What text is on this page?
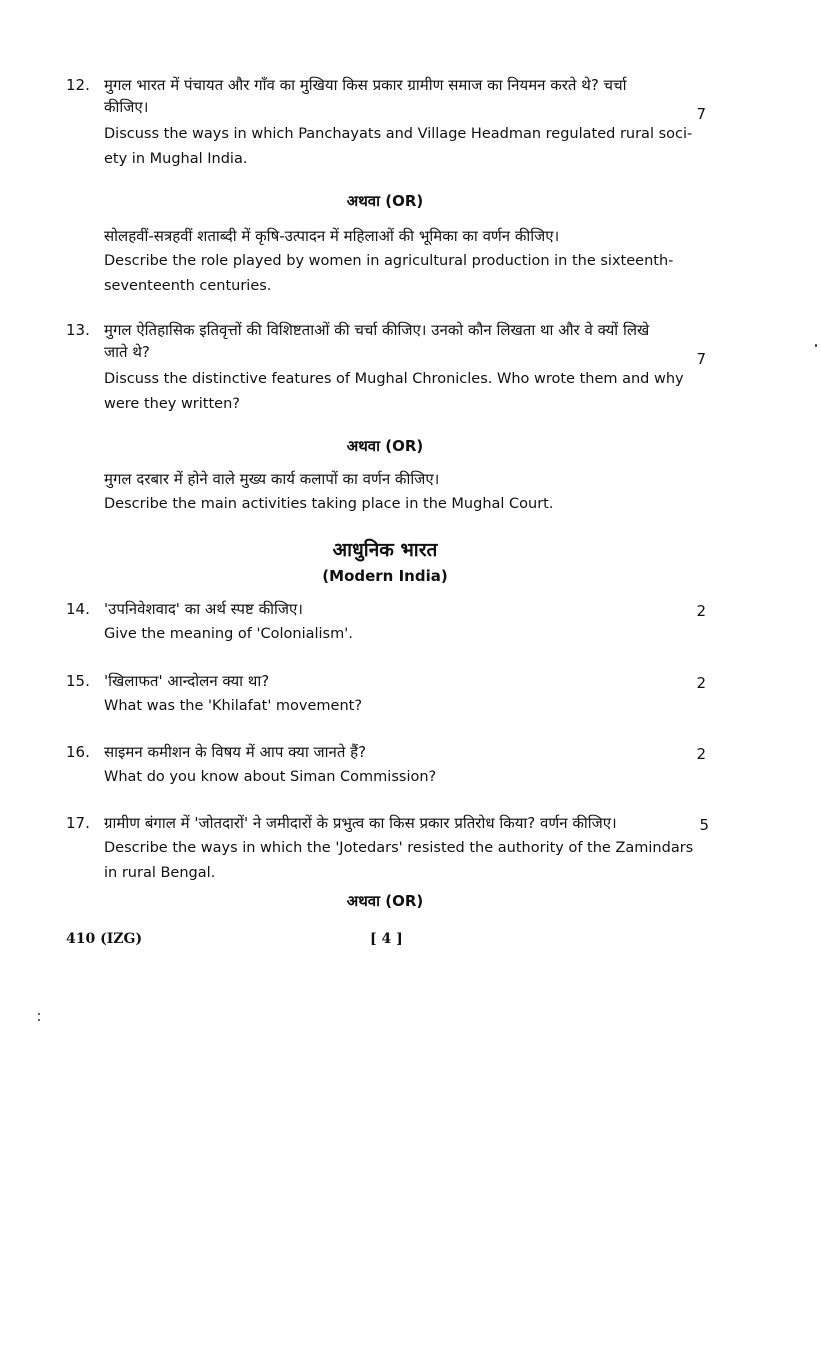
12. मुगल भारत में पंचायत और गाँव का मुखिया किस प्रकार ग्रामीण समाज का नियमन करते थे? चर्चा
कीजिए।
Discuss the ways in which Panchayats and Village Headman regulated rural soci- ety in Mughal India.
7
अथवा (OR)
सोलहवीं-सत्रहवीं शताब्दी में कृषि-उत्पादन में महिलाओं की भूमिका का वर्णन कीजिए।
Describe the role played by women in agricultural production in the sixteenth- seventeenth centuries.
13. मुगल ऐतिहासिक इतिवृत्तों की विशिष्टताओं की चर्चा कीजिए। उनको कौन लिखता था और वे क्यों लिखे
जाते थे?
Discuss the distinctive features of Mughal Chronicles. Who wrote them and why were they written?
7
अथवा (OR)
मुगल दरबार में होने वाले मुख्य कार्य कलापों का वर्णन कीजिए।
Describe the main activities taking place in the Mughal Court.
आधुनिक भारत
(Modern India)
14. 'उपनिवेशवाद' का अर्थ स्पष्ट कीजिए।
Give the meaning of 'Colonialism'.
2
15. 'खिलाफत' आन्दोलन क्या था?
What was the 'Khilafat' movement?
2
16. साइमन कमीशन के विषय में आप क्या जानते हैं?
What do you know about Siman Commission?
2
17. ग्रामीण बंगाल में 'जोतदारों' ने जमीदारों के प्रभुत्व का किस प्रकार प्रतिरोध किया? वर्णन कीजिए।
Describe the ways in which the 'Jotedars' resisted the authority of the Zamindars in rural Bengal.
5
अथवा (OR)
410 (IZG)	[ 4 ]
